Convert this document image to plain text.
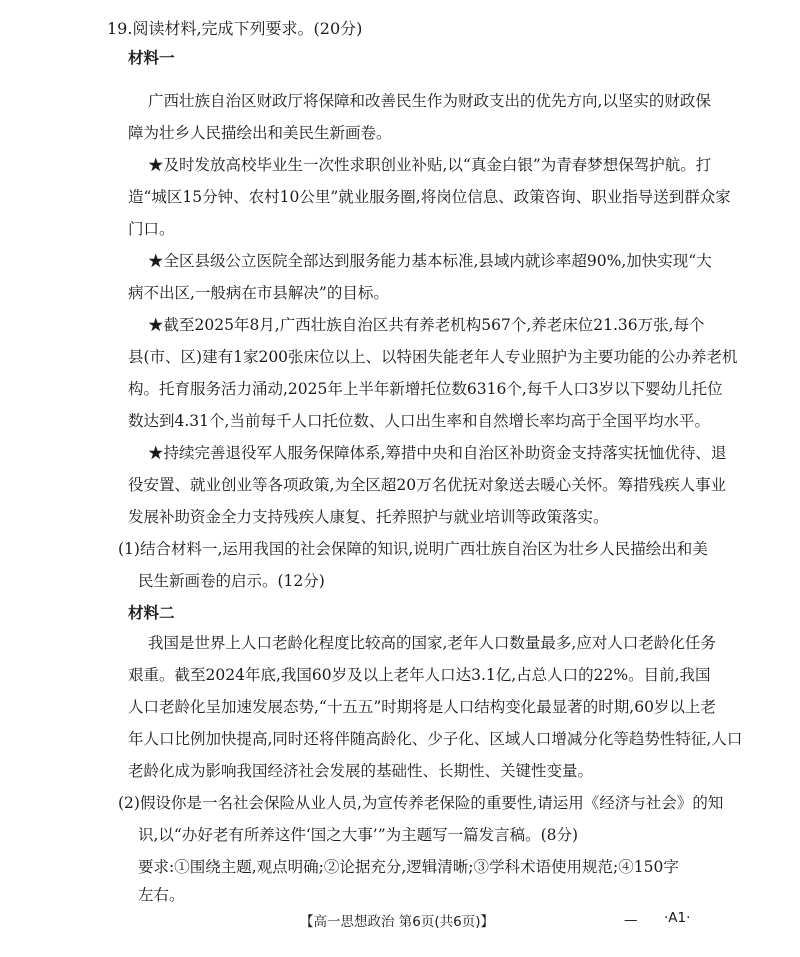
19.阅读材料,完成下列要求。(20分)
材料一
广西壮族自治区财政厅将保障和改善民生作为财政支出的优先方向,以坚实的财政保
障为壮乡人民描绘出和美民生新画卷。
★及时发放高校毕业生一次性求职创业补贴,以“真金白银”为青春梦想保驾护航。打
造“城区15分钟、农村10公里”就业服务圈,将岗位信息、政策咨询、职业指导送到群众家
门口。
★全区县级公立医院全部达到服务能力基本标准,县域内就诊率超90%,加快实现“大
病不出区,一般病在市县解决”的目标。
★截至2025年8月,广西壮族自治区共有养老机构567个,养老床位21.36万张,每个
县(市、区)建有1家200张床位以上、以特困失能老年人专业照护为主要功能的公办养老机
构。托育服务活力涌动,2025年上半年新增托位数6316个,每千人口3岁以下婴幼儿托位
数达到4.31个,当前每千人口托位数、人口出生率和自然增长率均高于全国平均水平。
★持续完善退役军人服务保障体系,筹措中央和自治区补助资金支持落实抚恤优待、退
役安置、就业创业等各项政策,为全区超20万名优抚对象送去暖心关怀。筹措残疾人事业
发展补助资金全力支持残疾人康复、托养照护与就业培训等政策落实。
(1)结合材料一,运用我国的社会保障的知识,说明广西壮族自治区为壮乡人民描绘出和美
民生新画卷的启示。(12分)
材料二
我国是世界上人口老龄化程度比较高的国家,老年人口数量最多,应对人口老龄化任务
艰重。截至2024年底,我国60岁及以上老年人口达3.1亿,占总人口的22%。目前,我国
人口老龄化呈加速发展态势,“十五五”时期将是人口结构变化最显著的时期,60岁以上老
年人口比例加快提高,同时还将伴随高龄化、少子化、区域人口增减分化等趋势性特征,人口
老龄化成为影响我国经济社会发展的基础性、长期性、关键性变量。
(2)假设你是一名社会保险从业人员,为宣传养老保险的重要性,请运用《经济与社会》的知
识,以“办好老有所养这件‘国之大事’”为主题写一篇发言稿。(8分)
要求:①围绕主题,观点明确;②论据充分,逻辑清晰;③学科术语使用规范;④150字
左右。
【高一思想政治 第6页(共6页)】	— ·A1·
